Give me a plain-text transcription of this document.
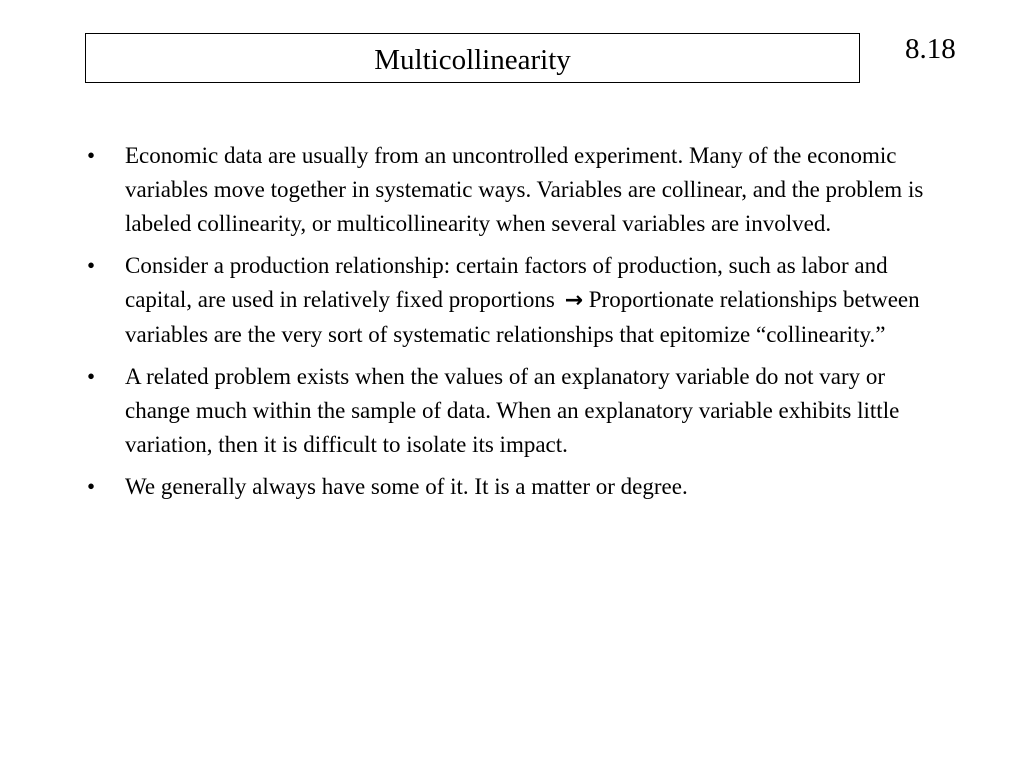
Multicollinearity	8.18
•	Economic data are usually from an uncontrolled experiment. Many of the economic variables move together in systematic ways. Variables are collinear, and the problem is labeled collinearity, or multicollinearity when several variables are involved.
•	Consider a production relationship: certain factors of production, such as labor and capital, are used in relatively fixed proportions → Proportionate relationships between variables are the very sort of systematic relationships that epitomize “collinearity.”
•	A related problem exists when the values of an explanatory variable do not vary or change much within the sample of data. When an explanatory variable exhibits little variation, then it is difficult to isolate its impact.
•	We generally always have some of it. It is a matter or degree.
